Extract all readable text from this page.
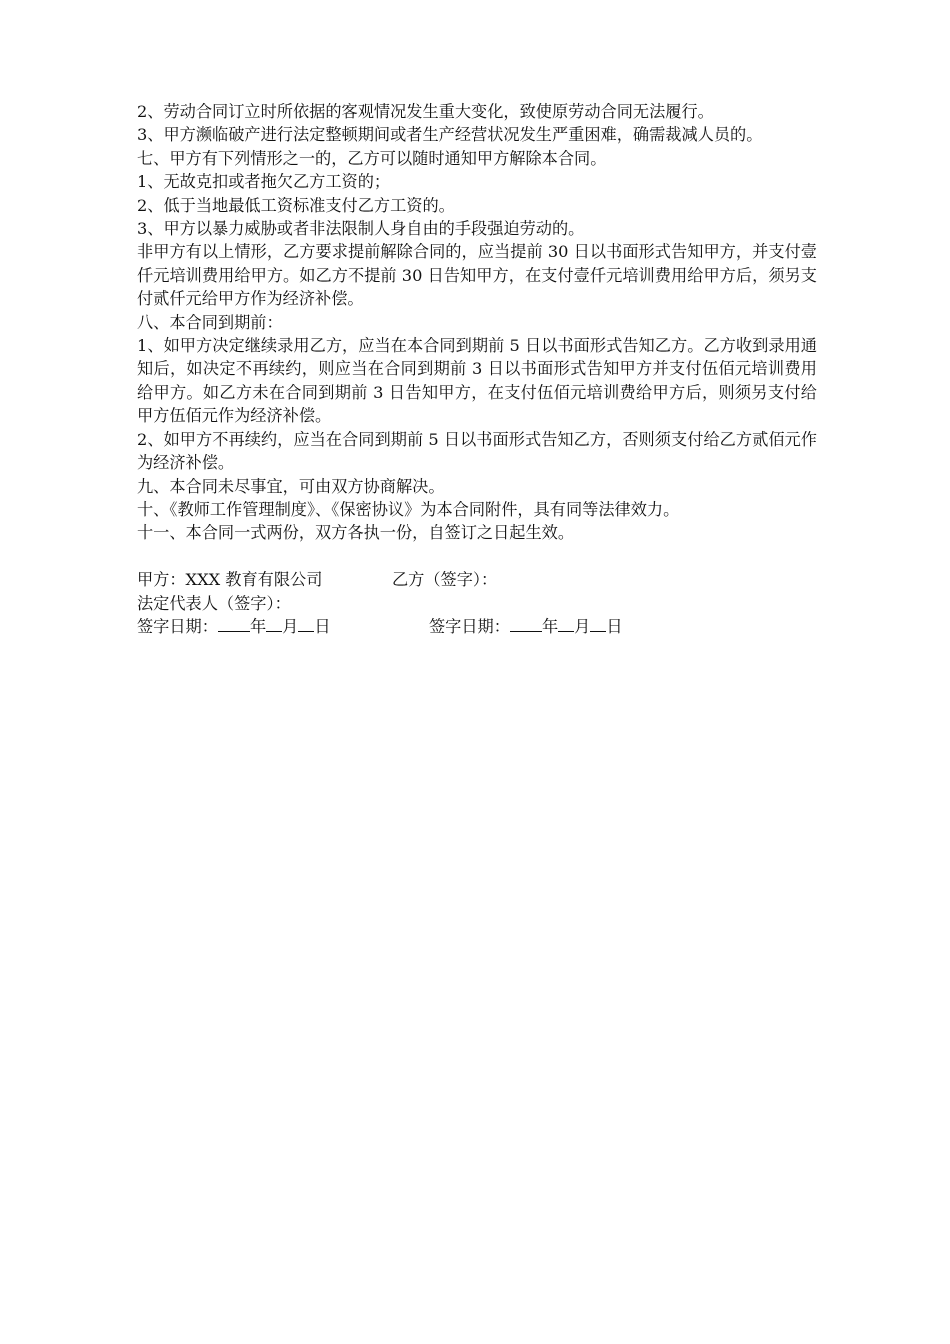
2、劳动合同订立时所依据的客观情况发生重大变化，致使原劳动合同无法履行。

3、甲方濒临破产进行法定整顿期间或者生产经营状况发生严重困难，确需裁减人员的。

七、甲方有下列情形之一的，乙方可以随时通知甲方解除本合同。

1、无故克扣或者拖欠乙方工资的；

2、低于当地最低工资标准支付乙方工资的。

3、甲方以暴力威胁或者非法限制人身自由的手段强迫劳动的。

非甲方有以上情形，乙方要求提前解除合同的，应当提前 30 日以书面形式告知甲方，并支付壹仟元培训费用给甲方。如乙方不提前 30 日告知甲方，在支付壹仟元培训费用给甲方后，须另支付贰仟元给甲方作为经济补偿。

八、本合同到期前：

1、如甲方决定继续录用乙方，应当在本合同到期前 5 日以书面形式告知乙方。乙方收到录用通知后，如决定不再续约，则应当在合同到期前 3 日以书面形式告知甲方并支付伍佰元培训费用给甲方。如乙方未在合同到期前 3 日告知甲方，在支付伍佰元培训费给甲方后，则须另支付给甲方伍佰元作为经济补偿。

2、如甲方不再续约，应当在合同到期前 5 日以书面形式告知乙方，否则须支付给乙方贰佰元作为经济补偿。

九、本合同未尽事宜，可由双方协商解决。

十、《教师工作管理制度》、《保密协议》为本合同附件，具有同等法律效力。

十一、本合同一式两份，双方各执一份，自签订之日起生效。

甲方：XXX 教育有限公司	乙方（签字）：
法定代表人（签字）：
签字日期： 年 月 日	签字日期： 年 月 日
